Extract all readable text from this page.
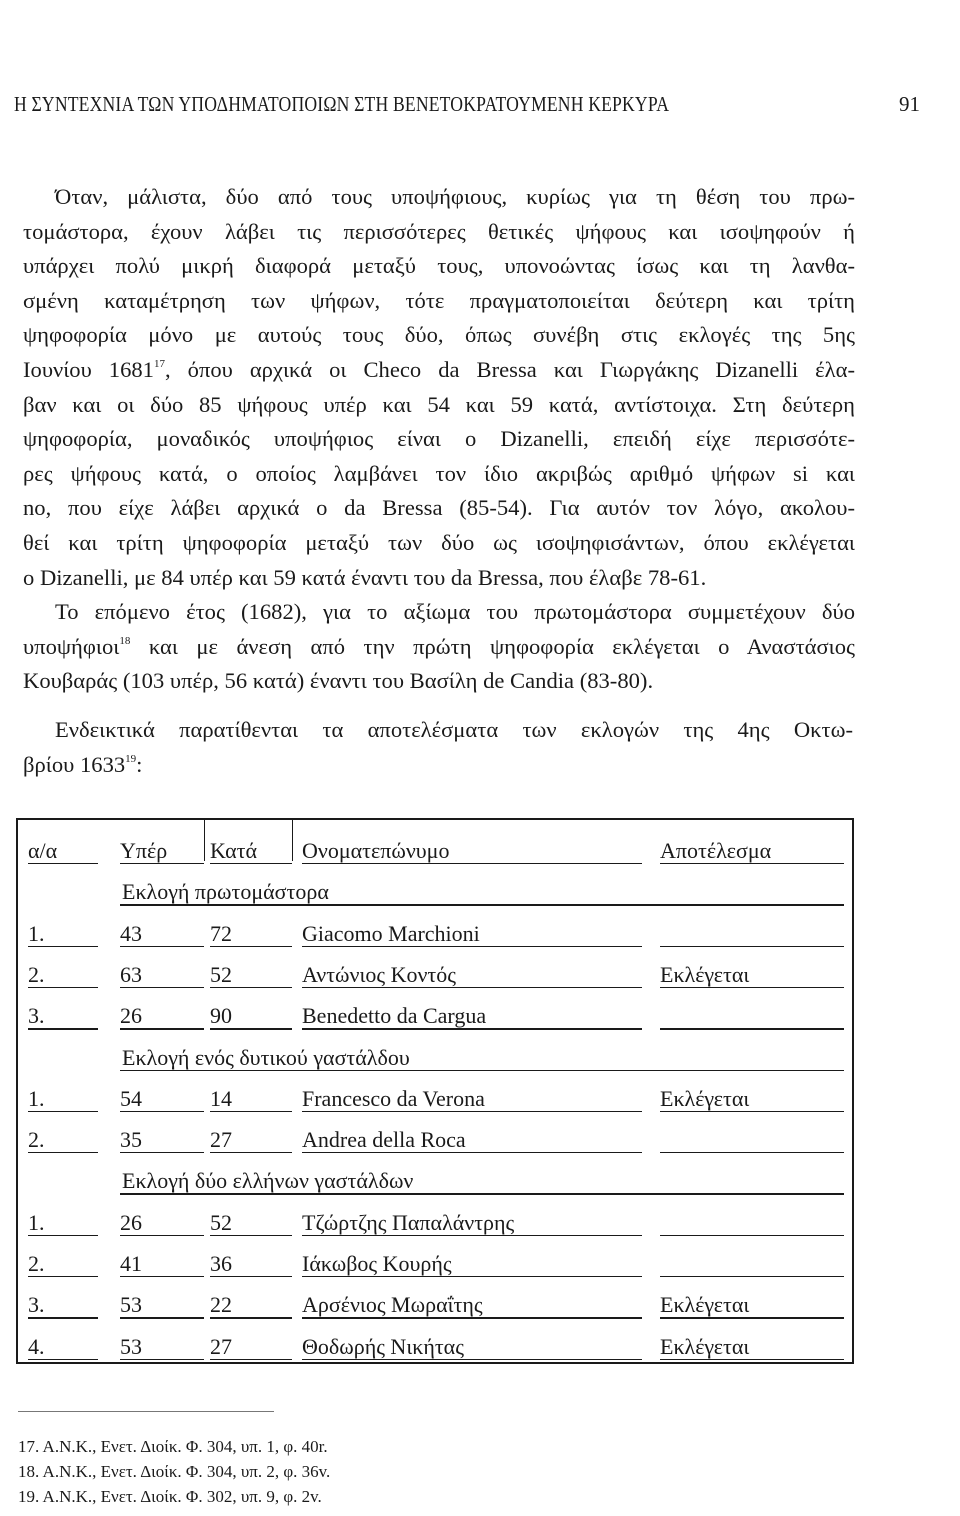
Η ΣΥΝΤΕΧΝΙΑ ΤΩΝ ΥΠΟΔΗΜΑΤΟΠΟΙΩΝ ΣΤΗ ΒΕΝΕΤΟΚΡΑΤΟΥΜΕΝΗ ΚΕΡΚΥΡΑ	91
Όταν, μάλιστα, δύο από τους υποψήφιους, κυρίως για τη θέση του πρω-
τομάστορα, έχουν λάβει τις περισσότερες θετικές ψήφους και ισοψηφούν ή
υπάρχει πολύ μικρή διαφορά μεταξύ τους, υπονοώντας ίσως και τη λανθα-
σμένη καταμέτρηση των ψήφων, τότε πραγματοποιείται δεύτερη και τρίτη
ψηφοφορία μόνο με αυτούς τους δύο, όπως συνέβη στις εκλογές της 5ης
Ιουνίου 1681$^{17}$, όπου αρχικά οι Checo da Bressa και Γιωργάκης Dizanelli έλα-
βαν και οι δύο 85 ψήφους υπέρ και 54 και 59 κατά, αντίστοιχα. Στη δεύτερη
ψηφοφορία, μοναδικός υποψήφιος είναι ο Dizanelli, επειδή είχε περισσότε-
ρες ψήφους κατά, ο οποίος λαμβάνει τον ίδιο ακριβώς αριθμό ψήφων si και
no, που είχε λάβει αρχικά ο da Bressa (85-54). Για αυτόν τον λόγο, ακολου-
θεί και τρίτη ψηφοφορία μεταξύ των δύο ως ισοψηφισάντων, όπου εκλέγεται
ο Dizanelli, με 84 υπέρ και 59 κατά έναντι του da Bressa, που έλαβε 78-61.
Το επόμενο έτος (1682), για το αξίωμα του πρωτομάστορα συμμετέχουν δύο
υποψήφιοι$^{18}$ και με άνεση από την πρώτη ψηφοφορία εκλέγεται ο Αναστάσιος
Κουβαράς (103 υπέρ, 56 κατά) έναντι του Βασίλη de Candia (83-80).
Ενδεικτικά παρατίθενται τα αποτελέσματα των εκλογών της 4ης Οκτω-
βρίου 1633$^{19}$:
α/α	Υπέρ Κατά Ονοματεπώνυμο	Αποτέλεσμα
Εκλογή πρωτομάστορα
1.	43	72	Giacomo Marchioni
2.	63	52	Αντώνιος Κοντός	Εκλέγεται
3.	26	90	Benedetto da Cargua
Εκλογή ενός δυτικού γαστάλδου
1.	54	14	Francesco da Verona	Εκλέγεται
2.	35	27	Andrea della Roca
Εκλογή δύο ελλήνων γαστάλδων
1.	26	52	Τζώρτζης Παπαλάντρης
2.	41	36	Ιάκωβος Κουρής
3.	53	22	Αρσένιος Μωραΐτης	Εκλέγεται
4.	53	27	Θοδωρής Νικήτας	Εκλέγεται
17. Α.Ν.Κ., Ενετ. Διοίκ. Φ. 304, υπ. 1, φ. 40r.
18. Α.Ν.Κ., Ενετ. Διοίκ. Φ. 304, υπ. 2, φ. 36v.
19. Α.Ν.Κ., Ενετ. Διοίκ. Φ. 302, υπ. 9, φ. 2v.
